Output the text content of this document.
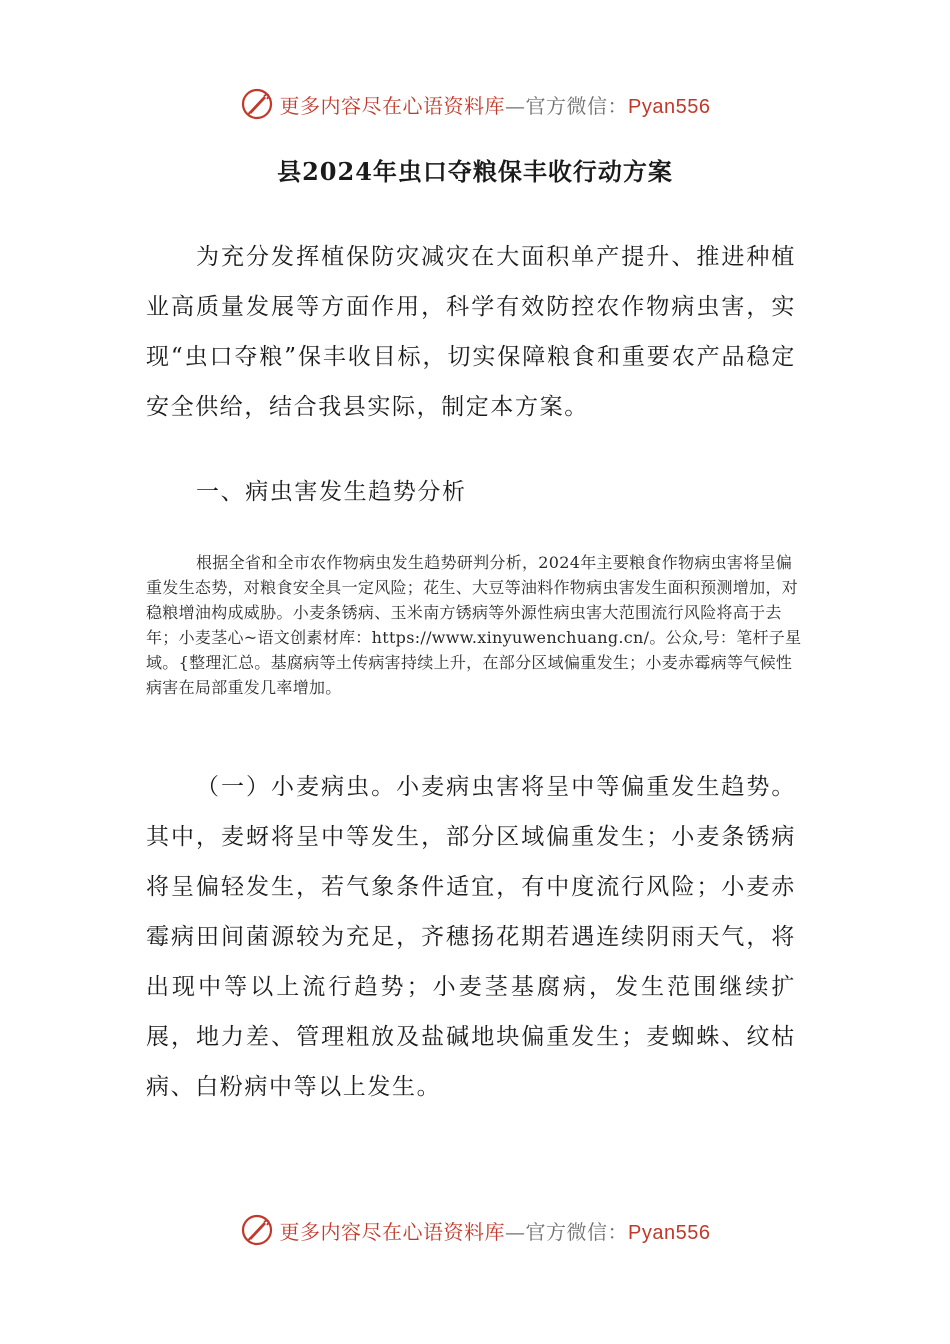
更多内容尽在心语资料库—官方微信：Pyan556
县2024年虫口夺粮保丰收行动方案

为充分发挥植保防灾减灾在大面积单产提升、推进种植业高质量发展等方面作用，科学有效防控农作物病虫害，实现“虫口夺粮”保丰收目标，切实保障粮食和重要农产品稳定安全供给，结合我县实际，制定本方案。

一、病虫害发生趋势分析

根据全省和全市农作物病虫发生趋势研判分析，2024年主要粮食作物病虫害将呈偏重发生态势，对粮食安全具一定风险；花生、大豆等油料作物病虫害发生面积预测增加，对稳粮增油构成威胁。小麦条锈病、玉米南方锈病等外源性病虫害大范围流行风险将高于去年；小麦茎心~语文创素材库：https://www.xinyuwenchuang.cn/。公众,号：笔杆子星域。{整理汇总。基腐病等土传病害持续上升，在部分区域偏重发生；小麦赤霉病等气候性病害在局部重发几率增加。

（一）小麦病虫。小麦病虫害将呈中等偏重发生趋势。其中，麦蚜将呈中等发生，部分区域偏重发生；小麦条锈病将呈偏轻发生，若气象条件适宜，有中度流行风险；小麦赤霉病田间菌源较为充足，齐穗扬花期若遇连续阴雨天气，将出现中等以上流行趋势；小麦茎基腐病，发生范围继续扩展，地力差、管理粗放及盐碱地块偏重发生；麦蜘蛛、纹枯病、白粉病中等以上发生。

更多内容尽在心语资料库—官方微信：Pyan556
